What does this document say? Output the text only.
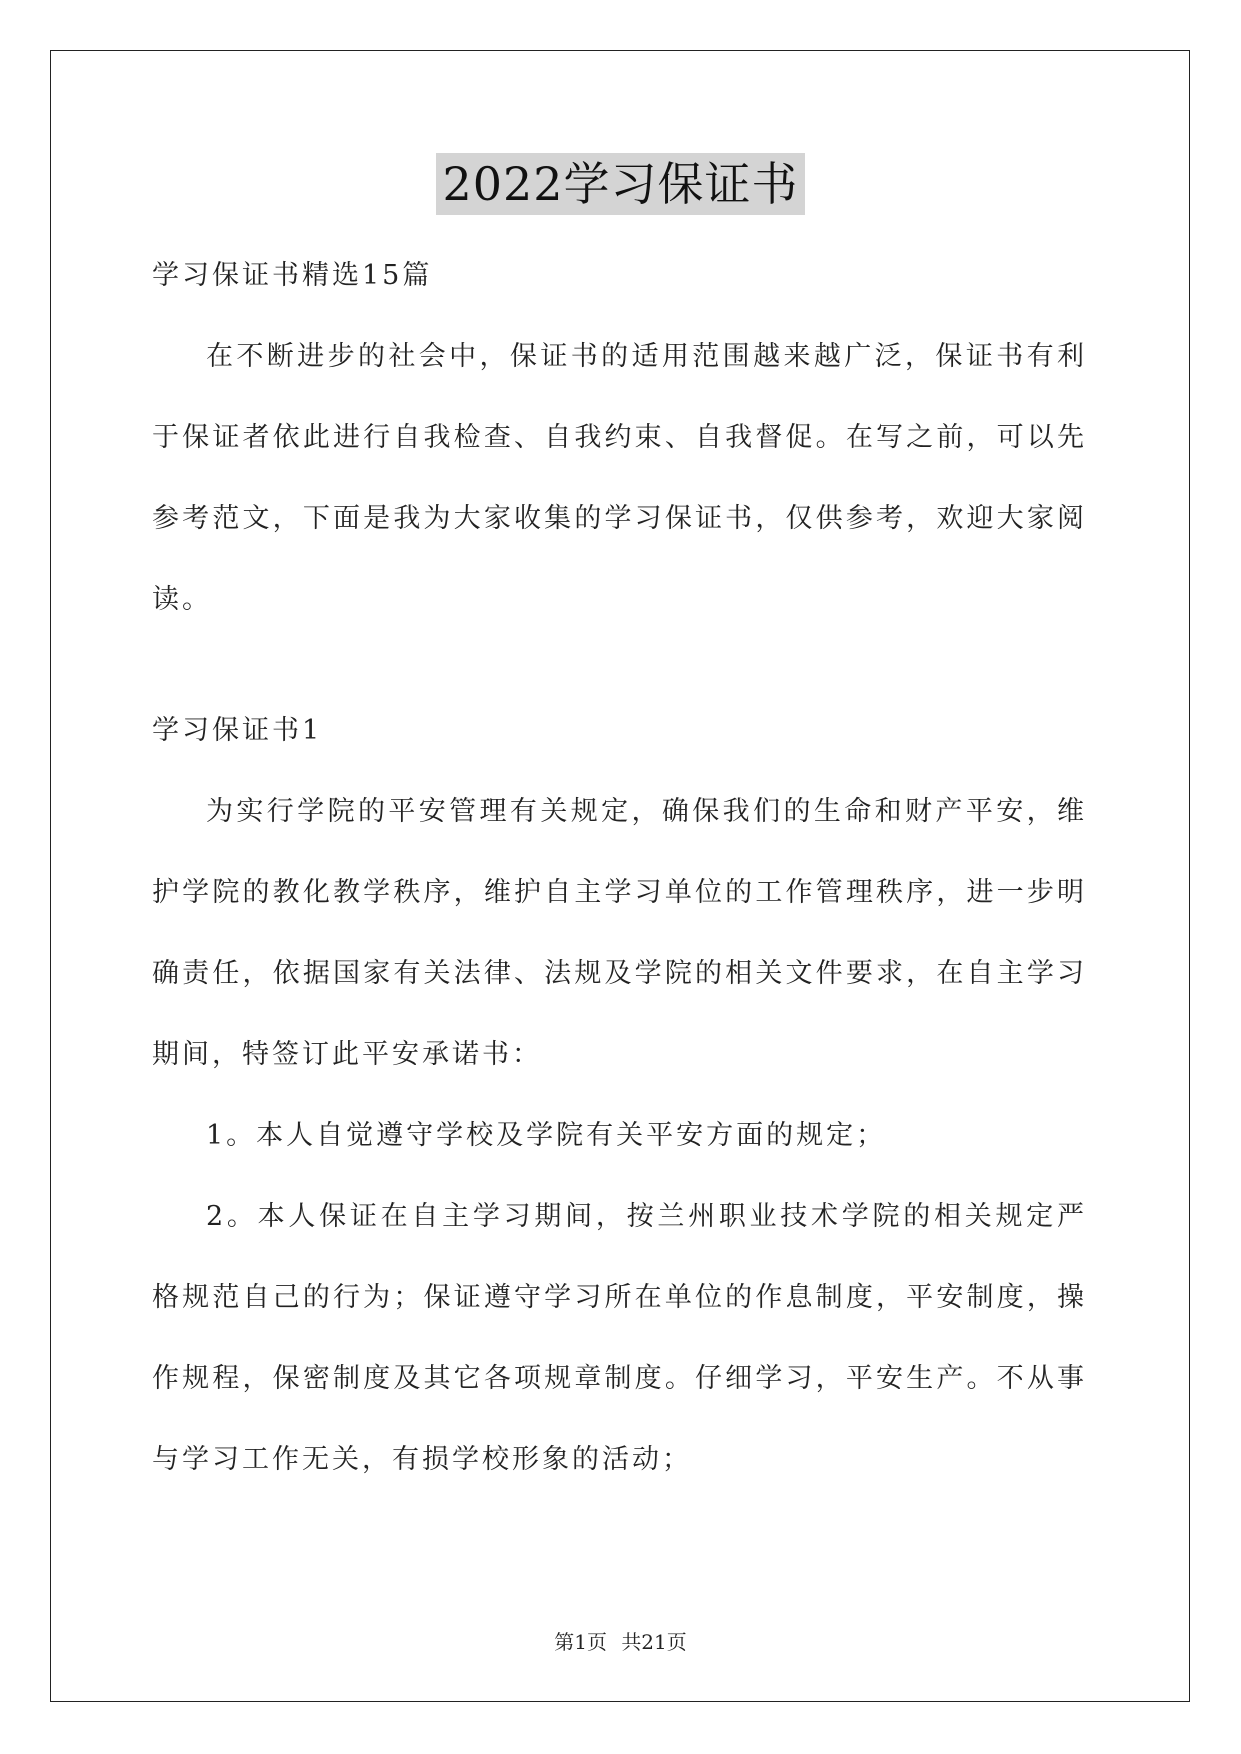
2022学习保证书

学习保证书精选15篇

在不断进步的社会中，保证书的适用范围越来越广泛，保证书有利于保证者依此进行自我检查、自我约束、自我督促。在写之前，可以先参考范文，下面是我为大家收集的学习保证书，仅供参考，欢迎大家阅读。

学习保证书1

为实行学院的平安管理有关规定，确保我们的生命和财产平安，维护学院的教化教学秩序，维护自主学习单位的工作管理秩序，进一步明确责任，依据国家有关法律、法规及学院的相关文件要求，在自主学习期间，特签订此平安承诺书：

1。本人自觉遵守学校及学院有关平安方面的规定；

2。本人保证在自主学习期间，按兰州职业技术学院的相关规定严格规范自己的行为；保证遵守学习所在单位的作息制度，平安制度，操作规程，保密制度及其它各项规章制度。仔细学习，平安生产。不从事与学习工作无关，有损学校形象的活动；

第1页 共21页
